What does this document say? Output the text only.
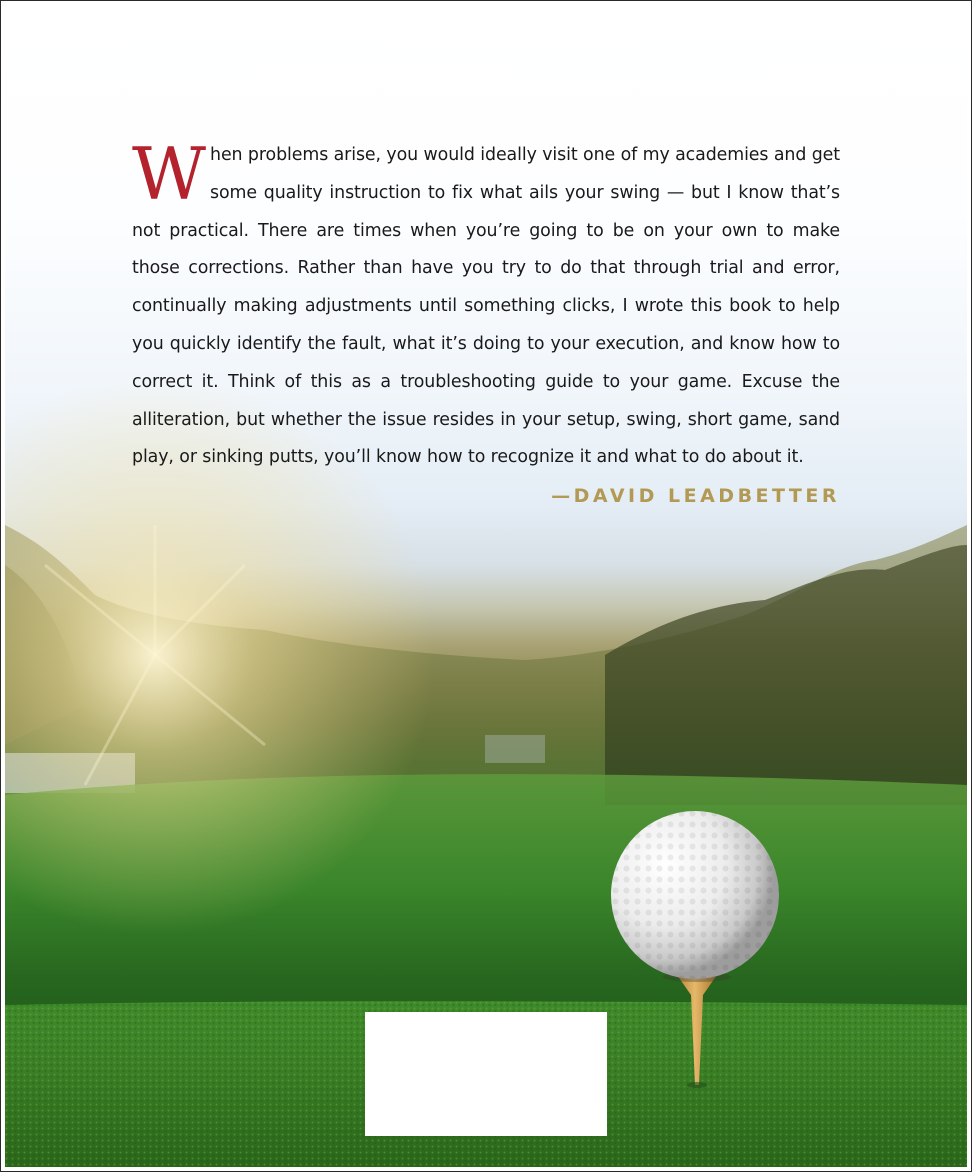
When problems arise, you would ideally visit one of my academies and get some quality instruction to fix what ails your swing — but I know that’s not practical. There are times when you’re going to be on your own to make those corrections. Rather than have you try to do that through trial and error, continually making adjustments until something clicks, I wrote this book to help you quickly identify the fault, what it’s doing to your execution, and know how to correct it. Think of this as a troubleshooting guide to your game. Excuse the alliteration, but whether the issue resides in your setup, swing, short game, sand play, or sinking putts, you’ll know how to recognize it and what to do about it.
—DAVID LEADBETTER
